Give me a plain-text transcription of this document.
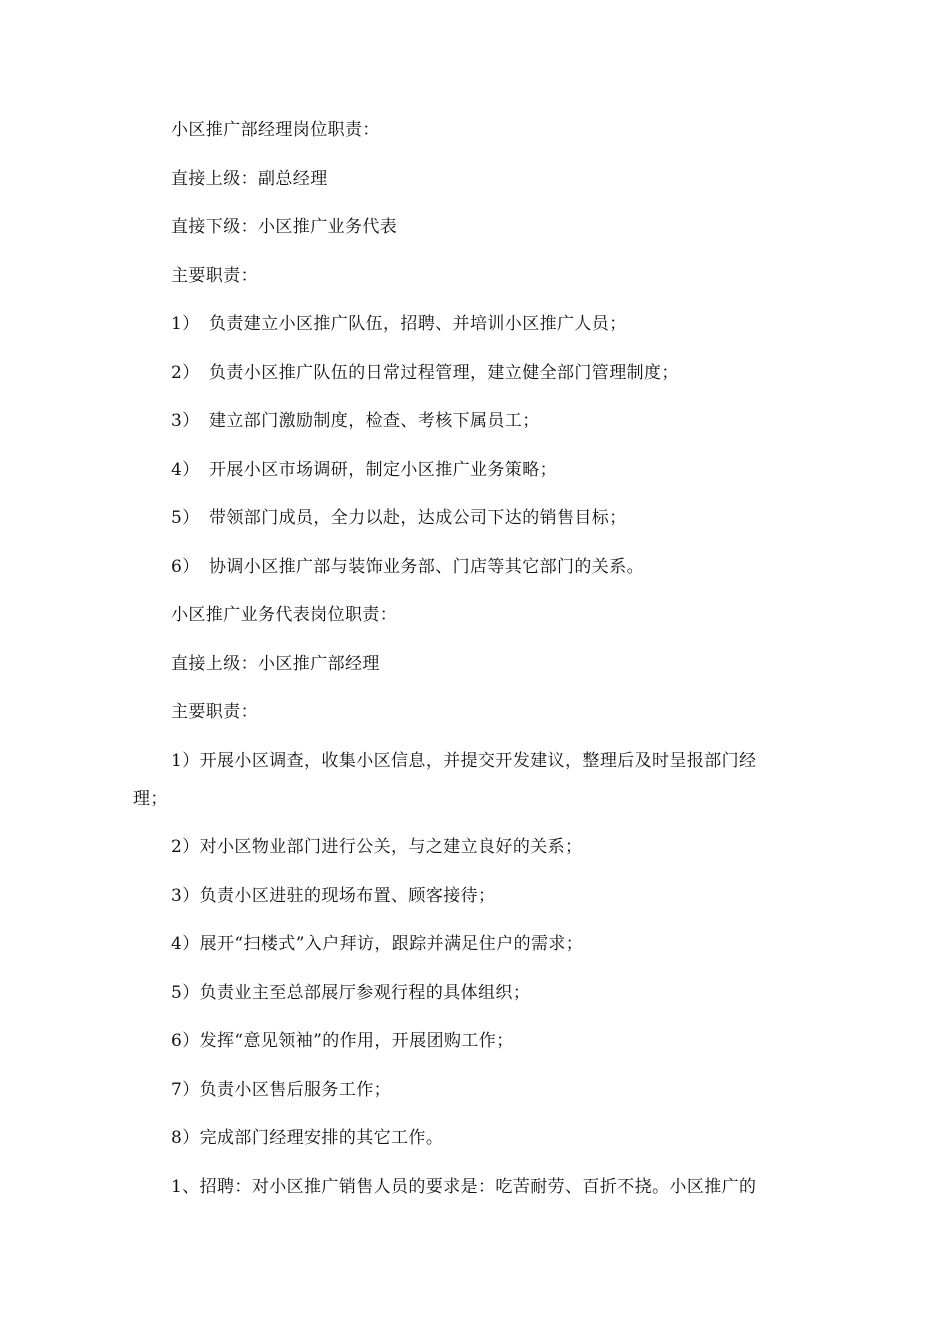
小区推广部经理岗位职责：
直接上级：副总经理
直接下级：小区推广业务代表
主要职责：
1） 负责建立小区推广队伍，招聘、并培训小区推广人员；
2） 负责小区推广队伍的日常过程管理，建立健全部门管理制度；
3） 建立部门激励制度，检查、考核下属员工；
4） 开展小区市场调研，制定小区推广业务策略；
5） 带领部门成员，全力以赴，达成公司下达的销售目标；
6） 协调小区推广部与装饰业务部、门店等其它部门的关系。
小区推广业务代表岗位职责：
直接上级：小区推广部经理
主要职责：
1）开展小区调查，收集小区信息，并提交开发建议，整理后及时呈报部门经
理；
2）对小区物业部门进行公关，与之建立良好的关系；
3）负责小区进驻的现场布置、顾客接待；
4）展开“扫楼式”入户拜访，跟踪并满足住户的需求；
5）负责业主至总部展厅参观行程的具体组织；
6）发挥“意见领袖”的作用，开展团购工作；
7）负责小区售后服务工作；
8）完成部门经理安排的其它工作。
1、招聘：对小区推广销售人员的要求是：吃苦耐劳、百折不挠。小区推广的
